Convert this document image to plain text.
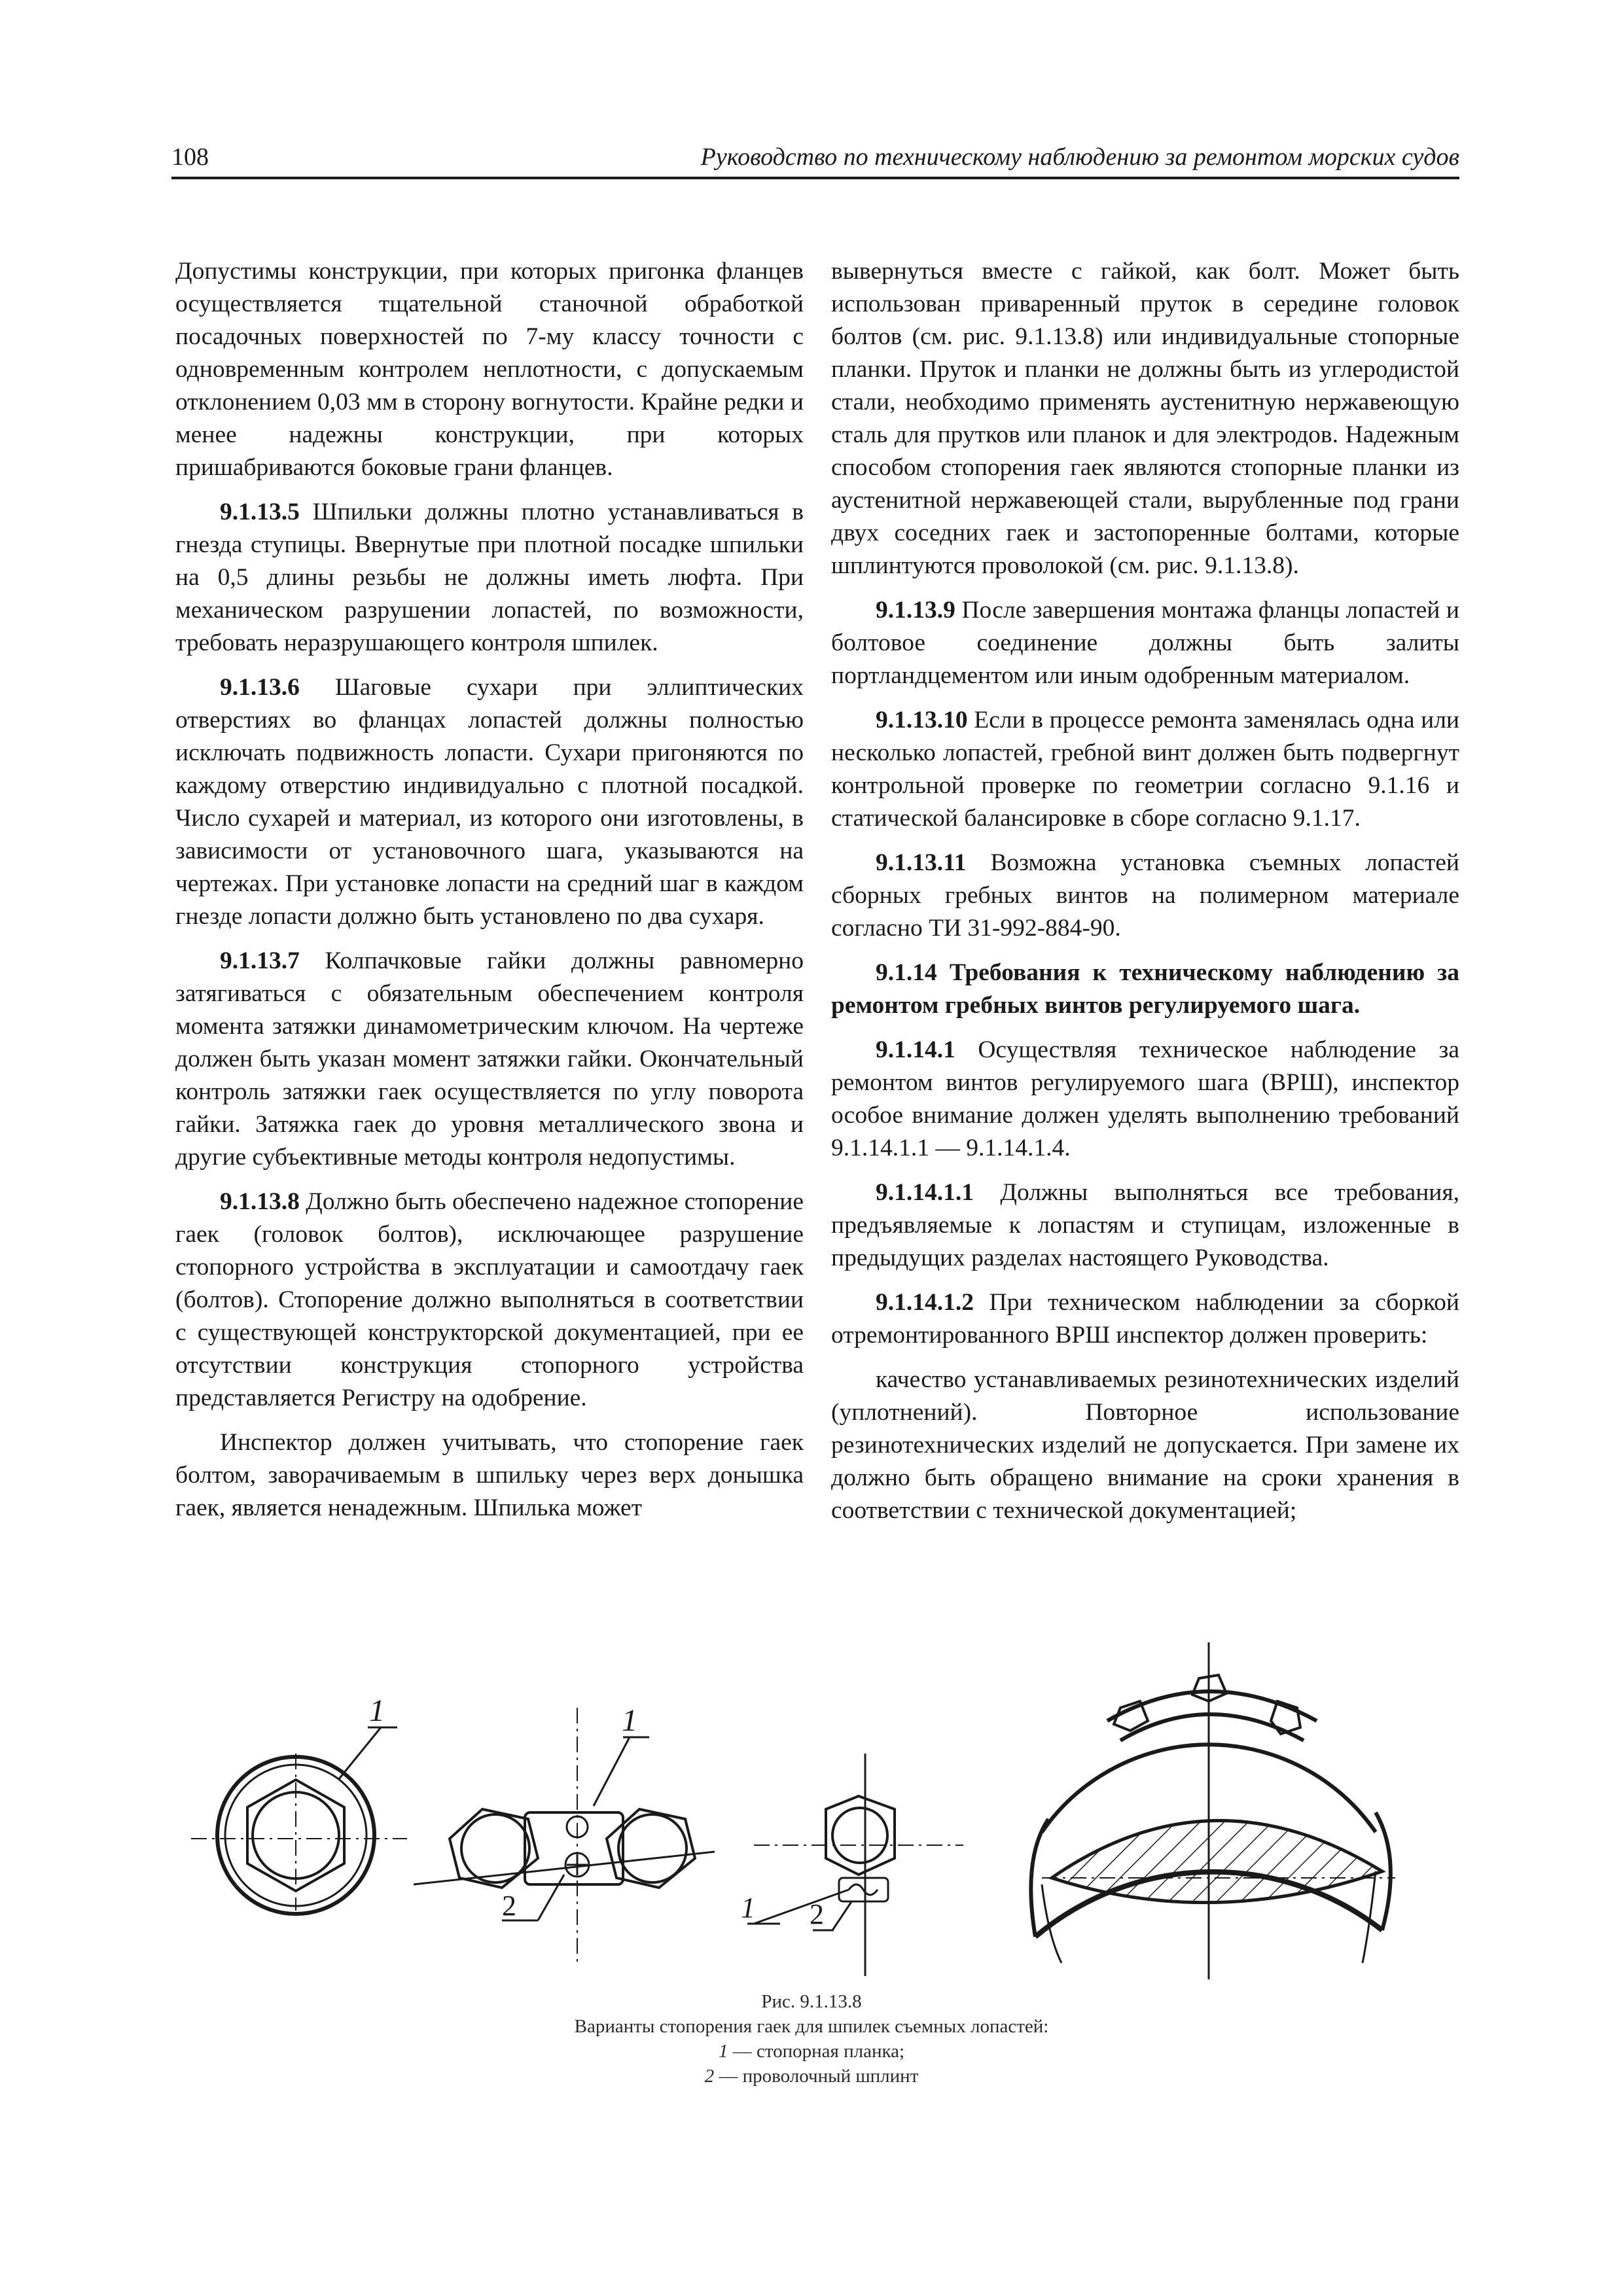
108	Руководство по техническому наблюдению за ремонтом морских судов

Допустимы конструкции, при которых пригонка фланцев осуществляется тщательной станочной обработкой посадочных поверхностей по 7-му классу точности с одновременным контролем неплотности, с допускаемым отклонением 0,03 мм в сторону вогнутости. Крайне редки и менее надежны конструкции, при которых пришабриваются боковые грани фланцев.

9.1.13.5 Шпильки должны плотно устанавливаться в гнезда ступицы. Ввернутые при плотной посадке шпильки на 0,5 длины резьбы не должны иметь люфта. При механическом разрушении лопастей, по возможности, требовать неразрушающего контроля шпилек.

9.1.13.6 Шаговые сухари при эллиптических отверстиях во фланцах лопастей должны полностью исключать подвижность лопасти. Сухари пригоняются по каждому отверстию индивидуально с плотной посадкой. Число сухарей и материал, из которого они изготовлены, в зависимости от установочного шага, указываются на чертежах. При установке лопасти на средний шаг в каждом гнезде лопасти должно быть установлено по два сухаря.

9.1.13.7 Колпачковые гайки должны равномерно затягиваться с обязательным обеспечением контроля момента затяжки динамометрическим ключом. На чертеже должен быть указан момент затяжки гайки. Окончательный контроль затяжки гаек осуществляется по углу поворота гайки. Затяжка гаек до уровня металлического звона и другие субъективные методы контроля недопустимы.

9.1.13.8 Должно быть обеспечено надежное стопорение гаек (головок болтов), исключающее разрушение стопорного устройства в эксплуатации и самоотдачу гаек (болтов). Стопорение должно выполняться в соответствии с существующей конструкторской документацией, при ее отсутствии конструкция стопорного устройства представляется Регистру на одобрение.

Инспектор должен учитывать, что стопорение гаек болтом, заворачиваемым в шпильку через верх донышка гаек, является ненадежным. Шпилька может

вывернуться вместе с гайкой, как болт. Может быть использован приваренный пруток в середине головок болтов (см. рис. 9.1.13.8) или индивидуальные стопорные планки. Пруток и планки не должны быть из углеродистой стали, необходимо применять аустенитную нержавеющую сталь для прутков или планок и для электродов. Надежным способом стопорения гаек являются стопорные планки из аустенитной нержавеющей стали, вырубленные под грани двух соседних гаек и застопоренные болтами, которые шплинтуются проволокой (см. рис. 9.1.13.8).

9.1.13.9 После завершения монтажа фланцы лопастей и болтовое соединение должны быть залиты портландцементом или иным одобренным материалом.

9.1.13.10 Если в процессе ремонта заменялась одна или несколько лопастей, гребной винт должен быть подвергнут контрольной проверке по геометрии согласно 9.1.16 и статической балансировке в сборе согласно 9.1.17.

9.1.13.11 Возможна установка съемных лопастей сборных гребных винтов на полимерном материале согласно ТИ 31-992-884-90.

9.1.14 Требования к техническому наблюдению за ремонтом гребных винтов регулируемого шага.

9.1.14.1 Осуществляя техническое наблюдение за ремонтом винтов регулируемого шага (ВРШ), инспектор особое внимание должен уделять выполнению требований 9.1.14.1.1 — 9.1.14.1.4.

9.1.14.1.1 Должны выполняться все требования, предъявляемые к лопастям и ступицам, изложенные в предыдущих разделах настоящего Руководства.

9.1.14.1.2 При техническом наблюдении за сборкой отремонтированного ВРШ инспектор должен проверить:

качество устанавливаемых резинотехнических изделий (уплотнений). Повторное использование резинотехнических изделий не допускается. При замене их должно быть обращено внимание на сроки хранения в соответствии с технической документацией;

1	1
2	1 2
Рис. 9.1.13.8
Варианты стопорения гаек для шпилек съемных лопастей:
1 — стопорная планка;
2 — проволочный шплинт
